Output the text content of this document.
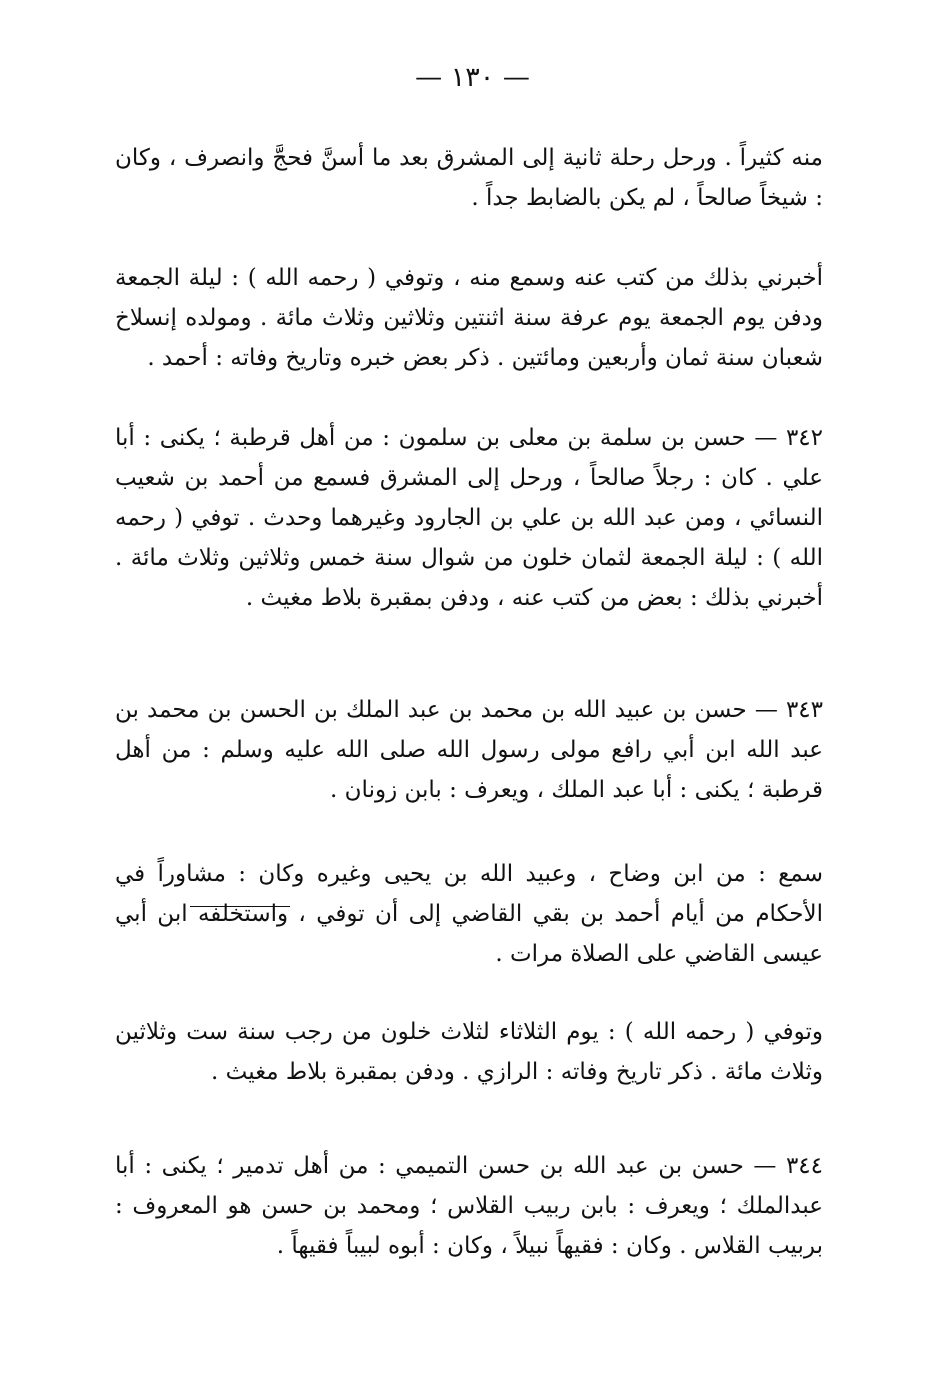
— ١٣٠ —

منه كثيراً . ورحل رحلة ثانية إلى المشرق بعد ما أسنَّ فحجَّ وانصرف ، وكان : شيخاً صالحاً ، لم يكن بالضابط جداً .

أخبرني بذلك من كتب عنه وسمع منه ، وتوفي ( رحمه الله ) : ليلة الجمعة ودفن يوم الجمعة يوم عرفة سنة اثنتين وثلاثين وثلاث مائة . ومولده إنسلاخ شعبان سنة ثمان وأربعين ومائتين . ذكر بعض خبره وتاريخ وفاته : أحمد .

٣٤٢ — حسن بن سلمة بن معلى بن سلمون : من أهل قرطبة ؛ يكنى : أبا علي . كان : رجلاً صالحاً ، ورحل إلى المشرق فسمع من أحمد بن شعيب النسائي ، ومن عبد الله بن علي بن الجارود وغيرهما وحدث . توفي ( رحمه الله ) : ليلة الجمعة لثمان خلون من شوال سنة خمس وثلاثين وثلاث مائة . أخبرني بذلك : بعض من كتب عنه ، ودفن بمقبرة بلاط مغيث .

٣٤٣ — حسن بن عبيد الله بن محمد بن عبد الملك بن الحسن بن محمد بن عبد الله ابن أبي رافع مولى رسول الله صلى الله عليه وسلم : من أهل قرطبة ؛ يكنى : أبا عبد الملك ، ويعرف : بابن زونان .

سمع : من ابن وضاح ، وعبيد الله بن يحيى وغيره وكان : مشاوراً في الأحكام من أيام أحمد بن بقي القاضي إلى أن توفي ، واستخلفه ابن أبي عيسى القاضي على الصلاة مرات .

وتوفي ( رحمه الله ) : يوم الثلاثاء لثلاث خلون من رجب سنة ست وثلاثين وثلاث مائة . ذكر تاريخ وفاته : الرازي . ودفن بمقبرة بلاط مغيث .

٣٤٤ — حسن بن عبد الله بن حسن التميمي : من أهل تدمير ؛ يكنى : أبا عبدالملك ؛ ويعرف : بابن ربيب القلاس ؛ ومحمد بن حسن هو المعروف : بربيب القلاس . وكان : فقيهاً نبيلاً ، وكان : أبوه لبيباً فقيهاً .
